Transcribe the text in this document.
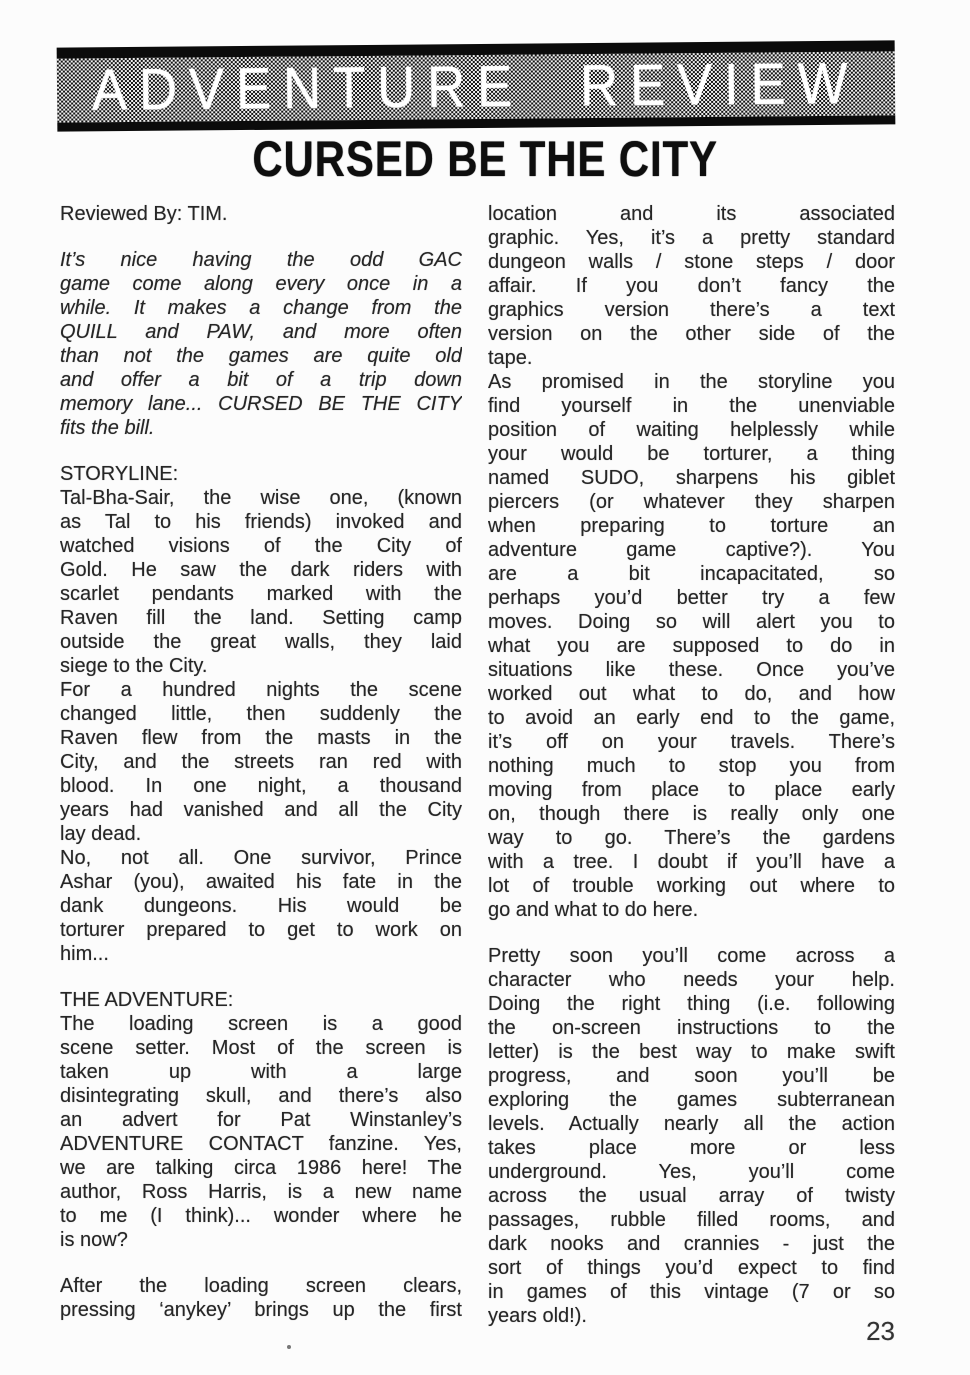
ADVENTURE REVIEW
CURSED BE THE CITY
Reviewed By: TIM.
It’s nice having the odd GAC
game come along every once in a
while. It makes a change from the
QUILL and PAW, and more often
than not the games are quite old
and offer a bit of a trip down
memory lane... CURSED BE THE CITY
fits the bill.
STORYLINE:
Tal-Bha-Sair, the wise one, (known
as Tal to his friends) invoked and
watched visions of the City of
Gold. He saw the dark riders with
scarlet pendants marked with the
Raven fill the land. Setting camp
outside the great walls, they laid
siege to the City.
For a hundred nights the scene
changed little, then suddenly the
Raven flew from the masts in the
City, and the streets ran red with
blood. In one night, a thousand
years had vanished and all the City
lay dead.
No, not all. One survivor, Prince
Ashar (you), awaited his fate in the
dank dungeons. His would be
torturer prepared to get to work on
him...
THE ADVENTURE:
The loading screen is a good
scene setter. Most of the screen is
taken up with a large
disintegrating skull, and there’s also
an advert for Pat Winstanley’s
ADVENTURE CONTACT fanzine. Yes,
we are talking circa 1986 here! The
author, Ross Harris, is a new name
to me (I think)... wonder where he
is now?
After the loading screen clears,
pressing ‘anykey’ brings up the first
location and its associated
graphic. Yes, it’s a pretty standard
dungeon walls / stone steps / door
affair. If you don’t fancy the
graphics version there’s a text
version on the other side of the
tape.
As promised in the storyline you
find yourself in the unenviable
position of waiting helplessly while
your would be torturer, a thing
named SUDO, sharpens his giblet
piercers (or whatever they sharpen
when preparing to torture an
adventure game captive?). You
are a bit incapacitated, so
perhaps you’d better try a few
moves. Doing so will alert you to
what you are supposed to do in
situations like these. Once you’ve
worked out what to do, and how
to avoid an early end to the game,
it’s off on your travels. There’s
nothing much to stop you from
moving from place to place early
on, though there is really only one
way to go. There’s the gardens
with a tree. I doubt if you’ll have a
lot of trouble working out where to
go and what to do here.
Pretty soon you’ll come across a
character who needs your help.
Doing the right thing (i.e. following
the on-screen instructions to the
letter) is the best way to make swift
progress, and soon you’ll be
exploring the games subterranean
levels. Actually nearly all the action
takes place more or less
underground. Yes, you’ll come
across the usual array of twisty
passages, rubble filled rooms, and
dark nooks and crannies - just the
sort of things you’d expect to find
in games of this vintage (7 or so
years old!).	23
